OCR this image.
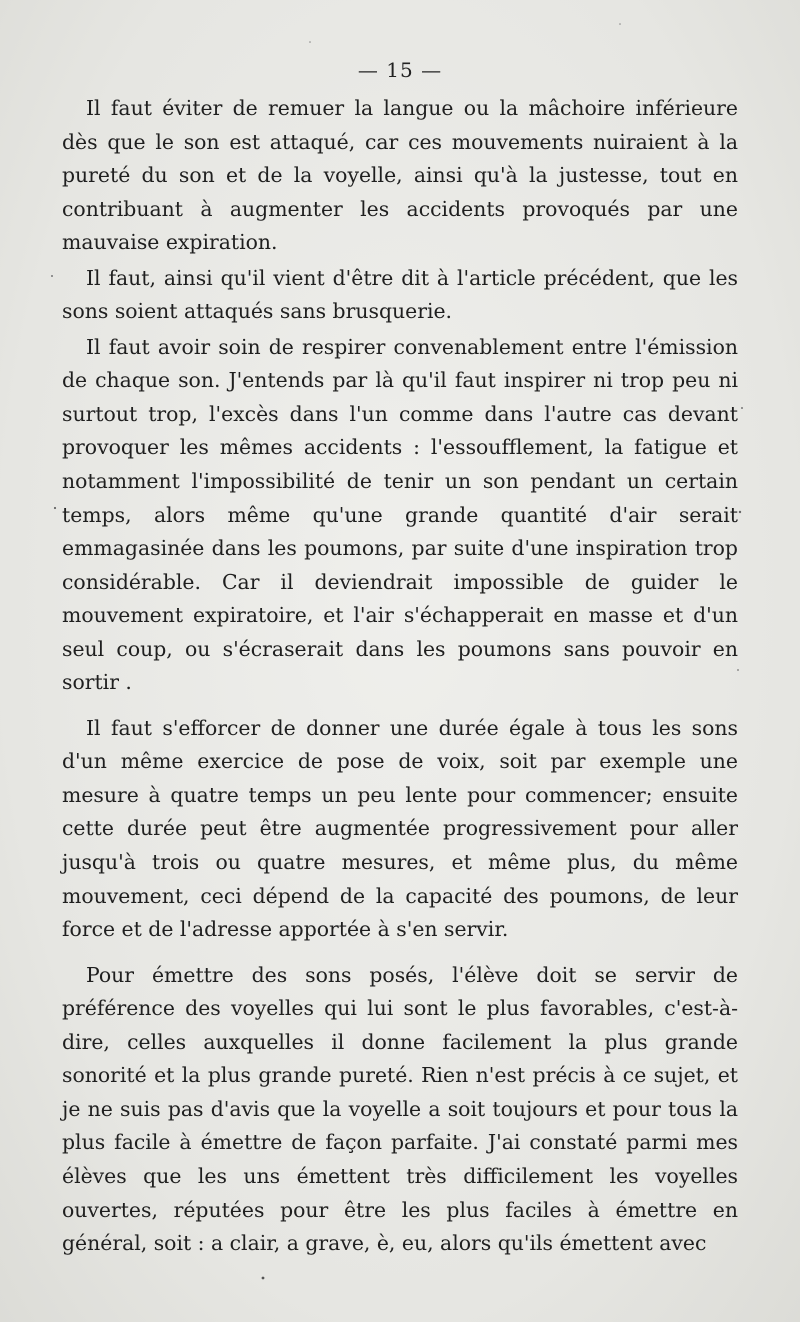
— 15 —

Il faut éviter de remuer la langue ou la mâchoire inférieure dès que le son est attaqué, car ces mouvements nuiraient à la pureté du son et de la voyelle, ainsi qu'à la justesse, tout en contribuant à augmenter les accidents provoqués par une mauvaise expiration.

Il faut, ainsi qu'il vient d'être dit à l'article précédent, que les sons soient attaqués sans brusquerie.

Il faut avoir soin de respirer convenablement entre l'émission de chaque son. J'entends par là qu'il faut inspirer ni trop peu ni surtout trop, l'excès dans l'un comme dans l'autre cas devant provoquer les mêmes accidents : l'essoufflement, la fatigue et notamment l'impossibilité de tenir un son pendant un certain temps, alors même qu'une grande quantité d'air serait emmagasinée dans les poumons, par suite d'une inspiration trop considérable. Car il deviendrait impossible de guider le mouvement expiratoire, et l'air s'échapperait en masse et d'un seul coup, ou s'écraserait dans les poumons sans pouvoir en sortir .

Il faut s'efforcer de donner une durée égale à tous les sons d'un même exercice de pose de voix, soit par exemple une mesure à quatre temps un peu lente pour commencer; ensuite cette durée peut être augmentée progressivement pour aller jusqu'à trois ou quatre mesures, et même plus, du même mouvement, ceci dépend de la capacité des poumons, de leur force et de l'adresse apportée à s'en servir.

Pour émettre des sons posés, l'élève doit se servir de préférence des voyelles qui lui sont le plus favorables, c'est-à-dire, celles auxquelles il donne facilement la plus grande sonorité et la plus grande pureté. Rien n'est précis à ce sujet, et je ne suis pas d'avis que la voyelle a soit toujours et pour tous la plus facile à émettre de façon parfaite. J'ai constaté parmi mes élèves que les uns émettent très difficilement les voyelles ouvertes, réputées pour être les plus faciles à émettre en général, soit : a clair, a grave, è, eu, alors qu'ils émettent avec
